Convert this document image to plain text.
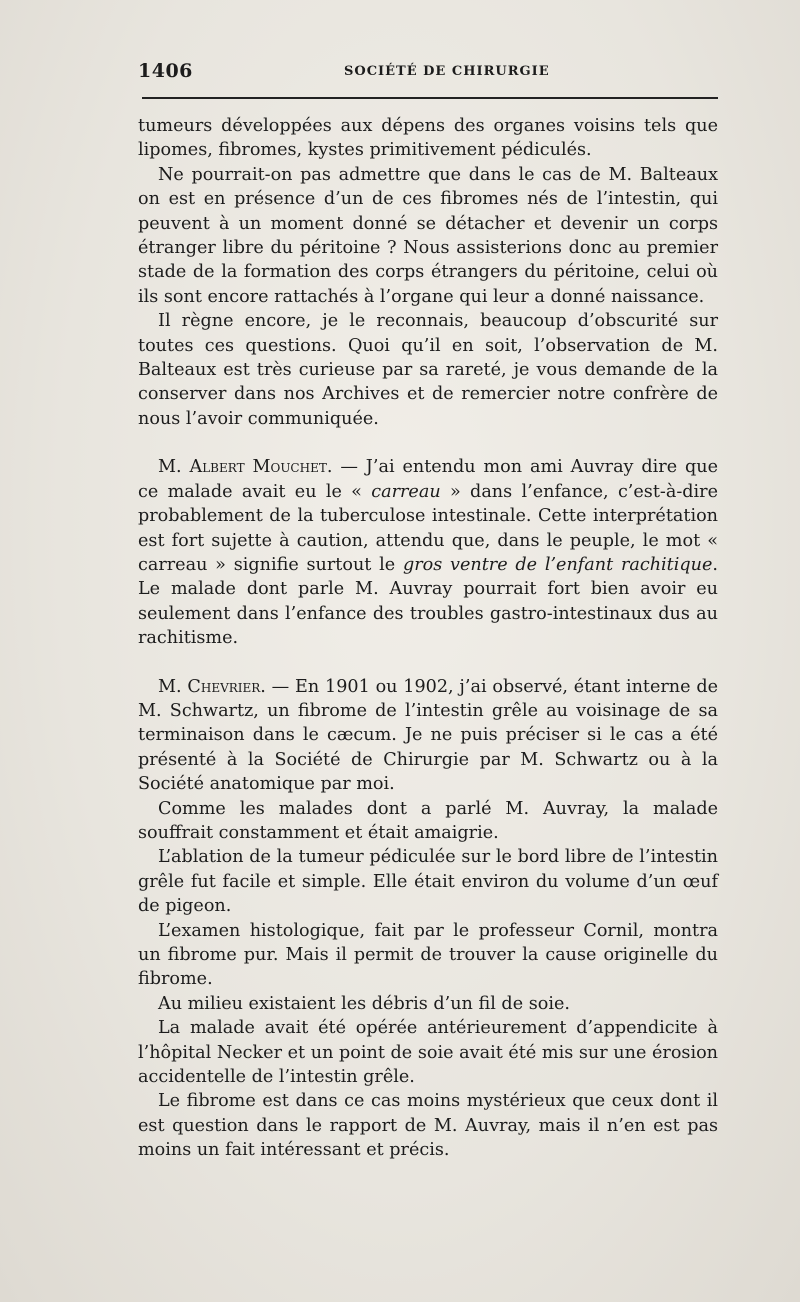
1406	SOCIÉTÉ DE CHIRURGIE

tumeurs développées aux dépens des organes voisins tels que lipomes, fibromes, kystes primitivement pédiculés.

Ne pourrait-on pas admettre que dans le cas de M. Balteaux on est en présence d’un de ces fibromes nés de l’intestin, qui peuvent à un moment donné se détacher et devenir un corps étranger libre du péritoine ? Nous assisterions donc au premier stade de la formation des corps étrangers du péritoine, celui où ils sont encore rattachés à l’organe qui leur a donné naissance.

Il règne encore, je le reconnais, beaucoup d’obscurité sur toutes ces questions. Quoi qu’il en soit, l’observation de M. Balteaux est très curieuse par sa rareté, je vous demande de la conserver dans nos Archives et de remercier notre confrère de nous l’avoir communiquée.

M. Albert Mouchet. — J’ai entendu mon ami Auvray dire que ce malade avait eu le « carreau » dans l’enfance, c’est-à-dire probablement de la tuberculose intestinale. Cette interprétation est fort sujette à caution, attendu que, dans le peuple, le mot « carreau » signifie surtout le gros ventre de l’enfant rachitique. Le malade dont parle M. Auvray pourrait fort bien avoir eu seulement dans l’enfance des troubles gastro-intestinaux dus au rachitisme.

M. Chevrier. — En 1901 ou 1902, j’ai observé, étant interne de M. Schwartz, un fibrome de l’intestin grêle au voisinage de sa terminaison dans le cæcum. Je ne puis préciser si le cas a été présenté à la Société de Chirurgie par M. Schwartz ou à la Société anatomique par moi.

Comme les malades dont a parlé M. Auvray, la malade souffrait constamment et était amaigrie.

L’ablation de la tumeur pédiculée sur le bord libre de l’intestin grêle fut facile et simple. Elle était environ du volume d’un œuf de pigeon.

L’examen histologique, fait par le professeur Cornil, montra un fibrome pur. Mais il permit de trouver la cause originelle du fibrome.

Au milieu existaient les débris d’un fil de soie.

La malade avait été opérée antérieurement d’appendicite à l’hôpital Necker et un point de soie avait été mis sur une érosion accidentelle de l’intestin grêle.

Le fibrome est dans ce cas moins mystérieux que ceux dont il est question dans le rapport de M. Auvray, mais il n’en est pas moins un fait intéressant et précis.
